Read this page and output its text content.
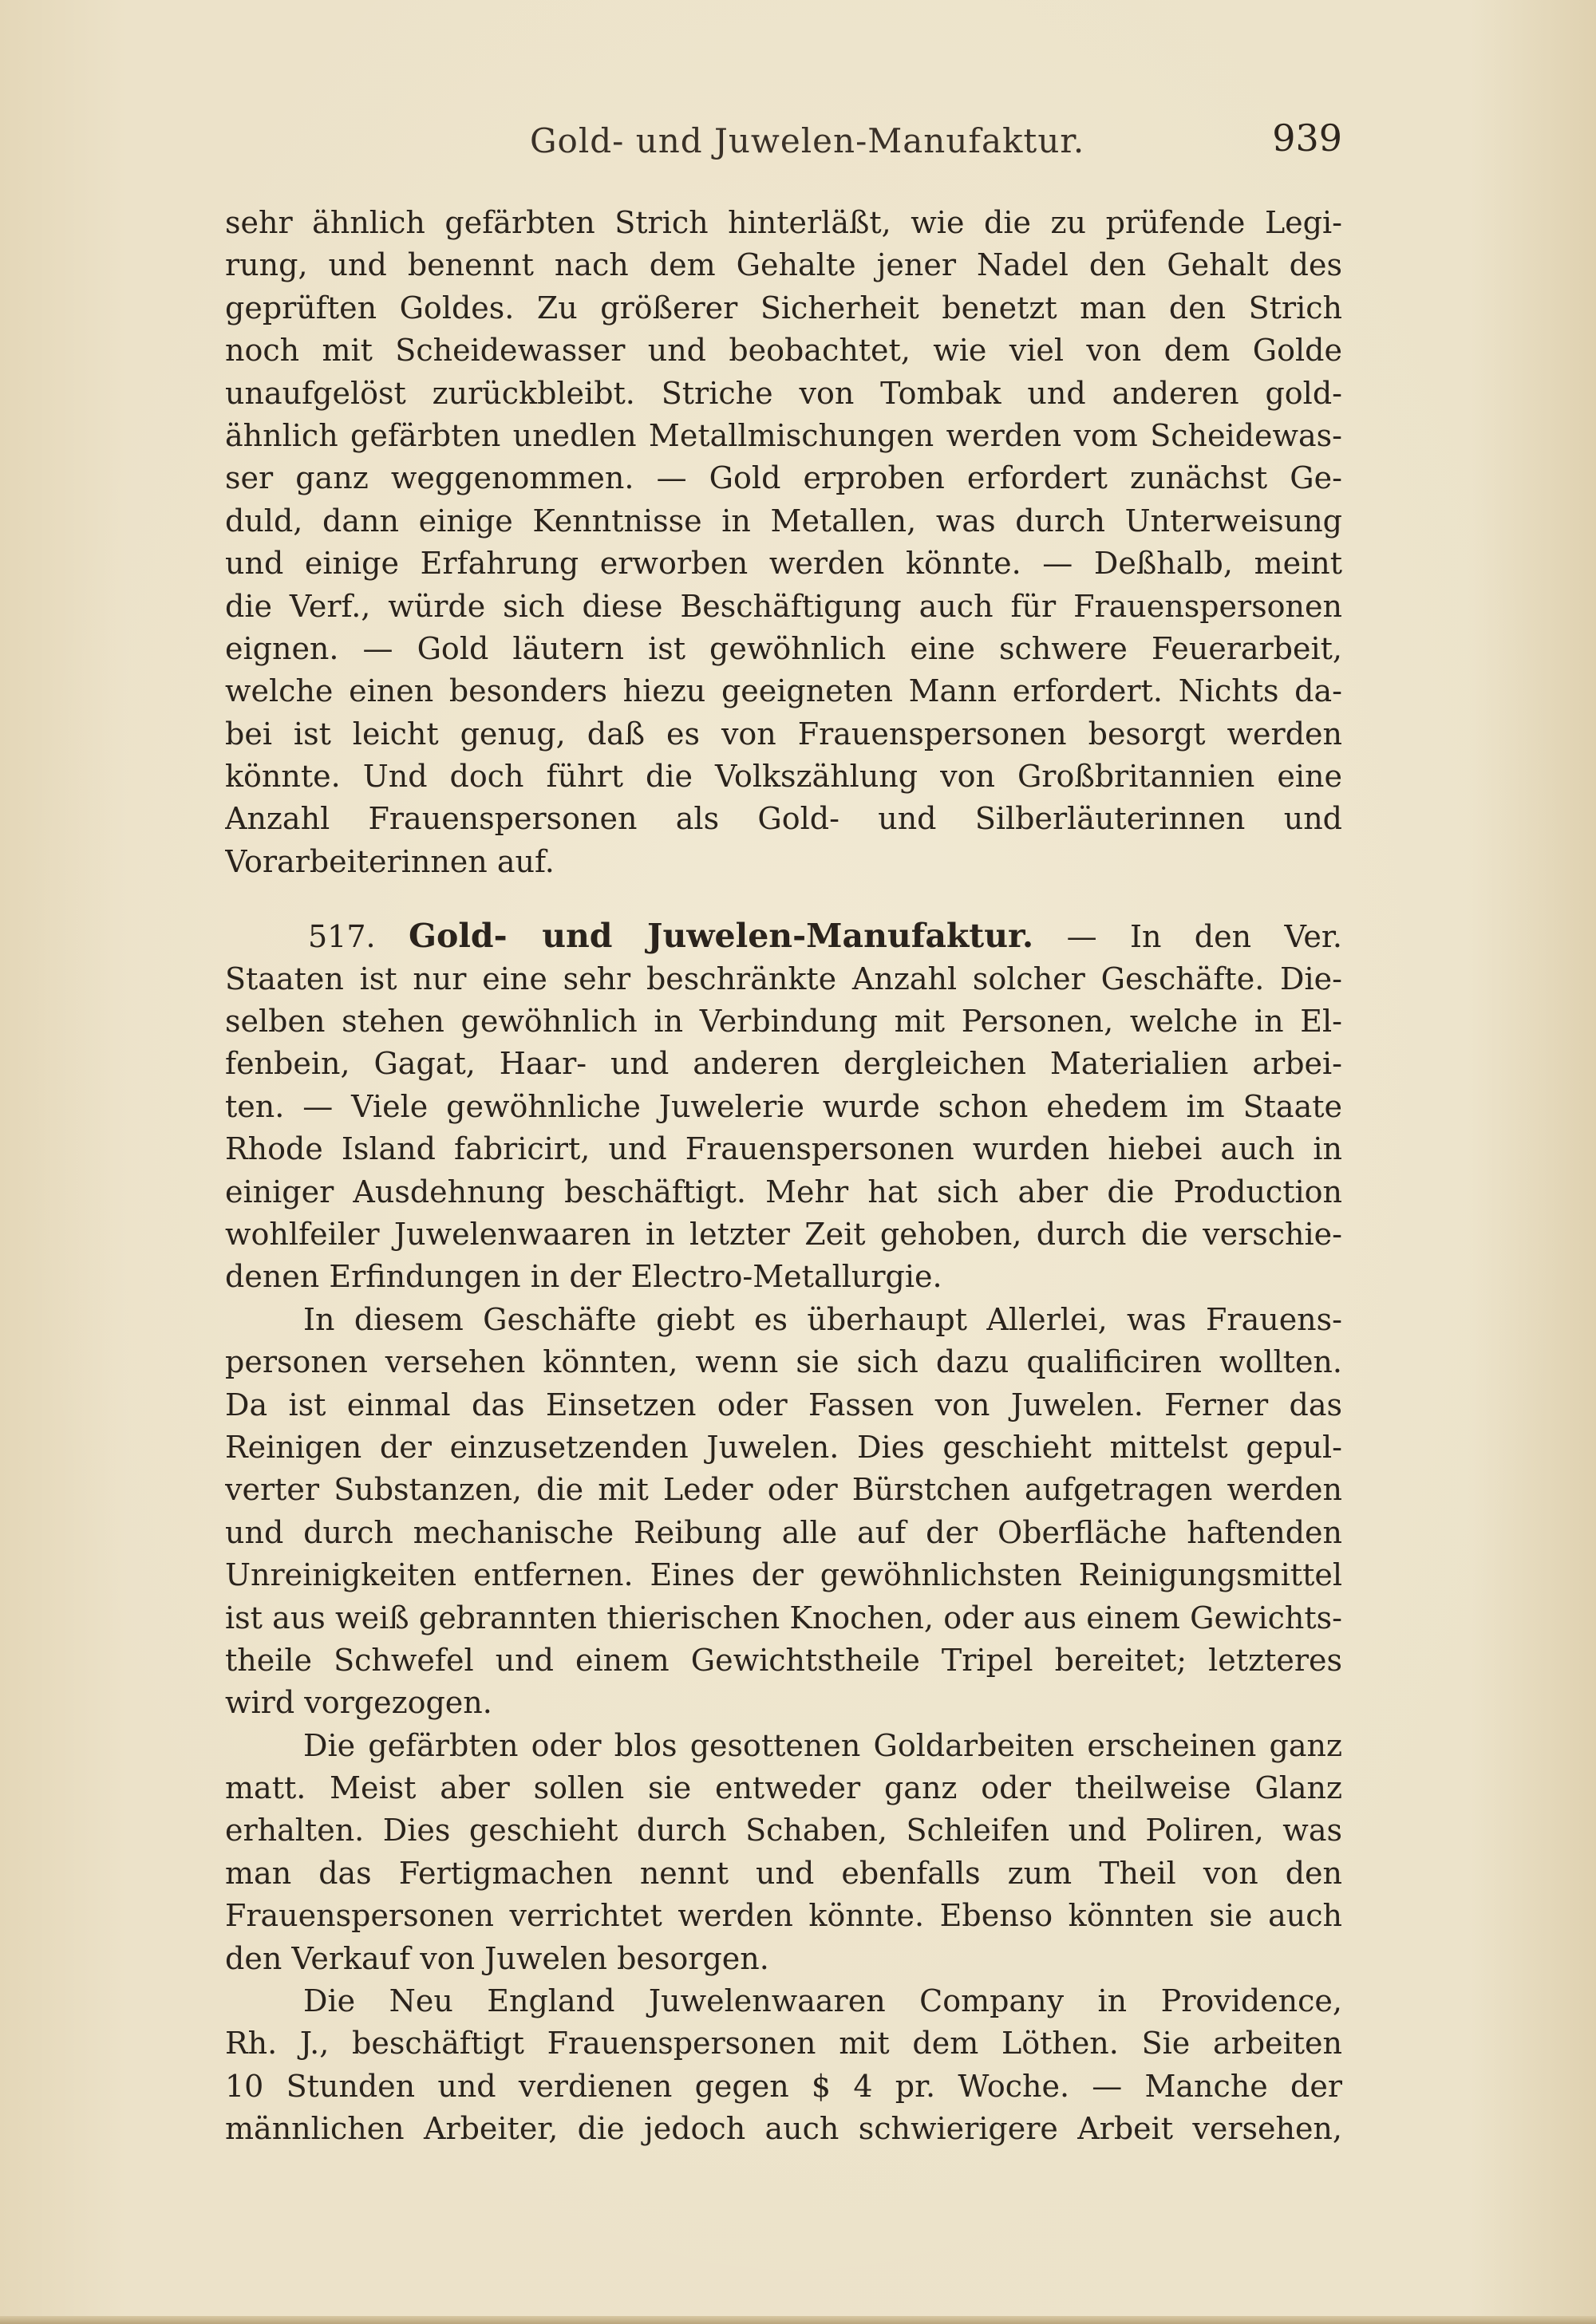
Gold- und Juwelen-Manufaktur.	939
sehr ähnlich gefärbten Strich hinterläßt, wie die zu prüfende Legi-
rung, und benennt nach dem Gehalte jener Nadel den Gehalt des
geprüften Goldes. Zu größerer Sicherheit benetzt man den Strich
noch mit Scheidewasser und beobachtet, wie viel von dem Golde
unaufgelöst zurückbleibt. Striche von Tombak und anderen gold-
ähnlich gefärbten unedlen Metallmischungen werden vom Scheidewas-
ser ganz weggenommen. — Gold erproben erfordert zunächst Ge-
duld, dann einige Kenntnisse in Metallen, was durch Unterweisung
und einige Erfahrung erworben werden könnte. — Deßhalb, meint
die Verf., würde sich diese Beschäftigung auch für Frauenspersonen
eignen. — Gold läutern ist gewöhnlich eine schwere Feuerarbeit,
welche einen besonders hiezu geeigneten Mann erfordert. Nichts da-
bei ist leicht genug, daß es von Frauenspersonen besorgt werden
könnte. Und doch führt die Volkszählung von Großbritannien eine
Anzahl Frauenspersonen als Gold- und Silberläuterinnen und
Vorarbeiterinnen auf.
517. Gold- und Juwelen-Manufaktur. — In den Ver.
Staaten ist nur eine sehr beschränkte Anzahl solcher Geschäfte. Die-
selben stehen gewöhnlich in Verbindung mit Personen, welche in El-
fenbein, Gagat, Haar- und anderen dergleichen Materialien arbei-
ten. — Viele gewöhnliche Juwelerie wurde schon ehedem im Staate
Rhode Island fabricirt, und Frauenspersonen wurden hiebei auch in
einiger Ausdehnung beschäftigt. Mehr hat sich aber die Production
wohlfeiler Juwelenwaaren in letzter Zeit gehoben, durch die verschie-
denen Erfindungen in der Electro-Metallurgie.
In diesem Geschäfte giebt es überhaupt Allerlei, was Frauens-
personen versehen könnten, wenn sie sich dazu qualificiren wollten.
Da ist einmal das Einsetzen oder Fassen von Juwelen. Ferner das
Reinigen der einzusetzenden Juwelen. Dies geschieht mittelst gepul-
verter Substanzen, die mit Leder oder Bürstchen aufgetragen werden
und durch mechanische Reibung alle auf der Oberfläche haftenden
Unreinigkeiten entfernen. Eines der gewöhnlichsten Reinigungsmittel
ist aus weiß gebrannten thierischen Knochen, oder aus einem Gewichts-
theile Schwefel und einem Gewichtstheile Tripel bereitet; letzteres
wird vorgezogen.
Die gefärbten oder blos gesottenen Goldarbeiten erscheinen ganz
matt. Meist aber sollen sie entweder ganz oder theilweise Glanz
erhalten. Dies geschieht durch Schaben, Schleifen und Poliren, was
man das Fertigmachen nennt und ebenfalls zum Theil von den
Frauenspersonen verrichtet werden könnte. Ebenso könnten sie auch
den Verkauf von Juwelen besorgen.
Die Neu England Juwelenwaaren Company in Providence,
Rh. J., beschäftigt Frauenspersonen mit dem Löthen. Sie arbeiten
10 Stunden und verdienen gegen $ 4 pr. Woche. — Manche der
männlichen Arbeiter, die jedoch auch schwierigere Arbeit versehen,
